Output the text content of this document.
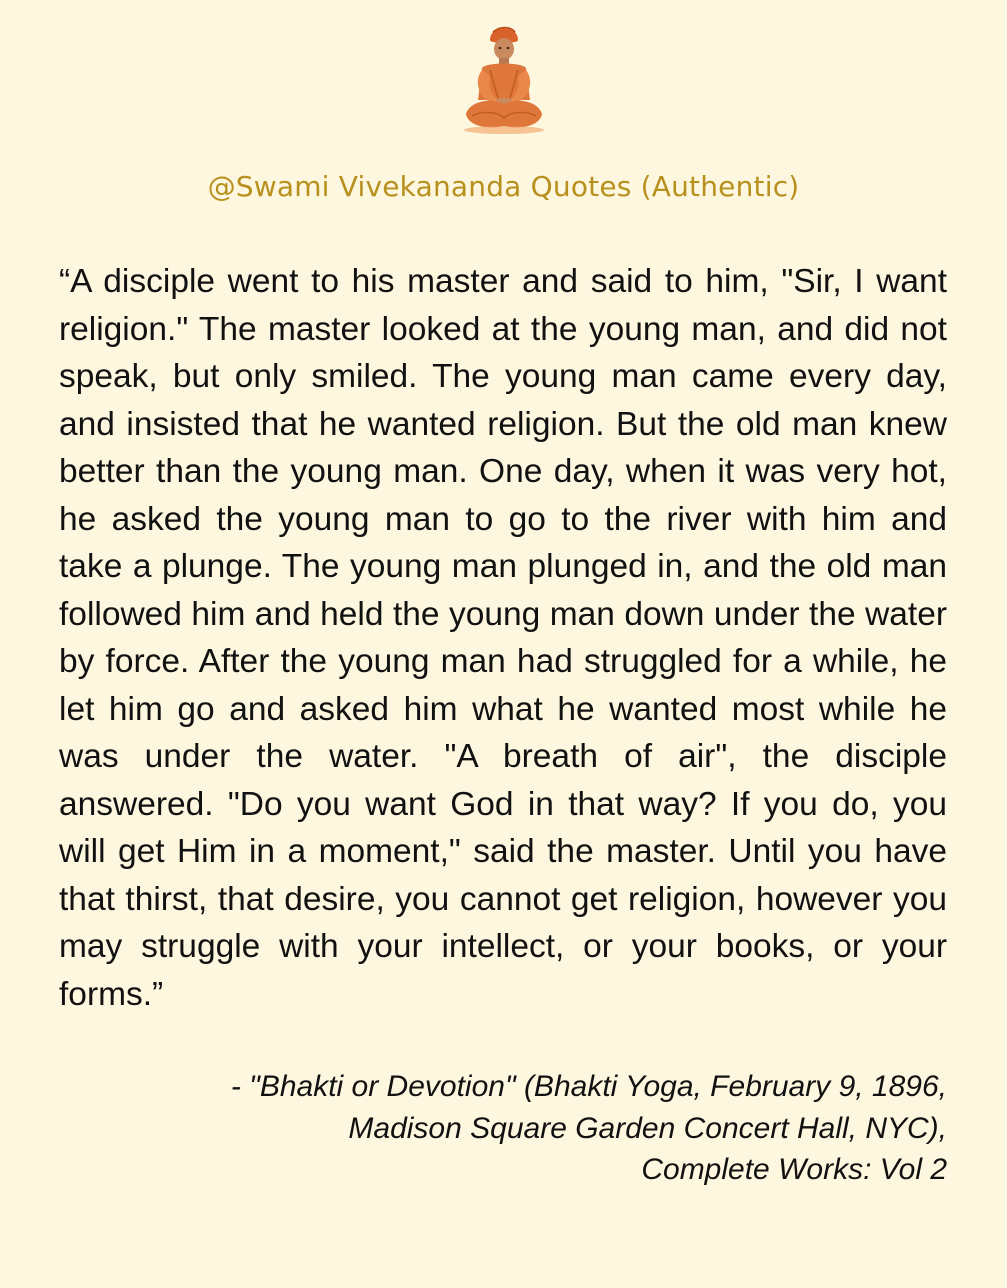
@Swami Vivekananda Quotes (Authentic)

“A disciple went to his master and said to him, "Sir, I want religion." The master looked at the young man, and did not speak, but only smiled. The young man came every day, and insisted that he wanted religion. But the old man knew better than the young man. One day, when it was very hot, he asked the young man to go to the river with him and take a plunge. The young man plunged in, and the old man followed him and held the young man down under the water by force. After the young man had struggled for a while, he let him go and asked him what he wanted most while he was under the water. "A breath of air", the disciple answered. "Do you want God in that way? If you do, you will get Him in a moment," said the master. Until you have that thirst, that desire, you cannot get religion, however you may struggle with your intellect, or your books, or your forms.”

- "Bhakti or Devotion" (Bhakti Yoga, February 9, 1896,
Madison Square Garden Concert Hall, NYC),
Complete Works: Vol 2
